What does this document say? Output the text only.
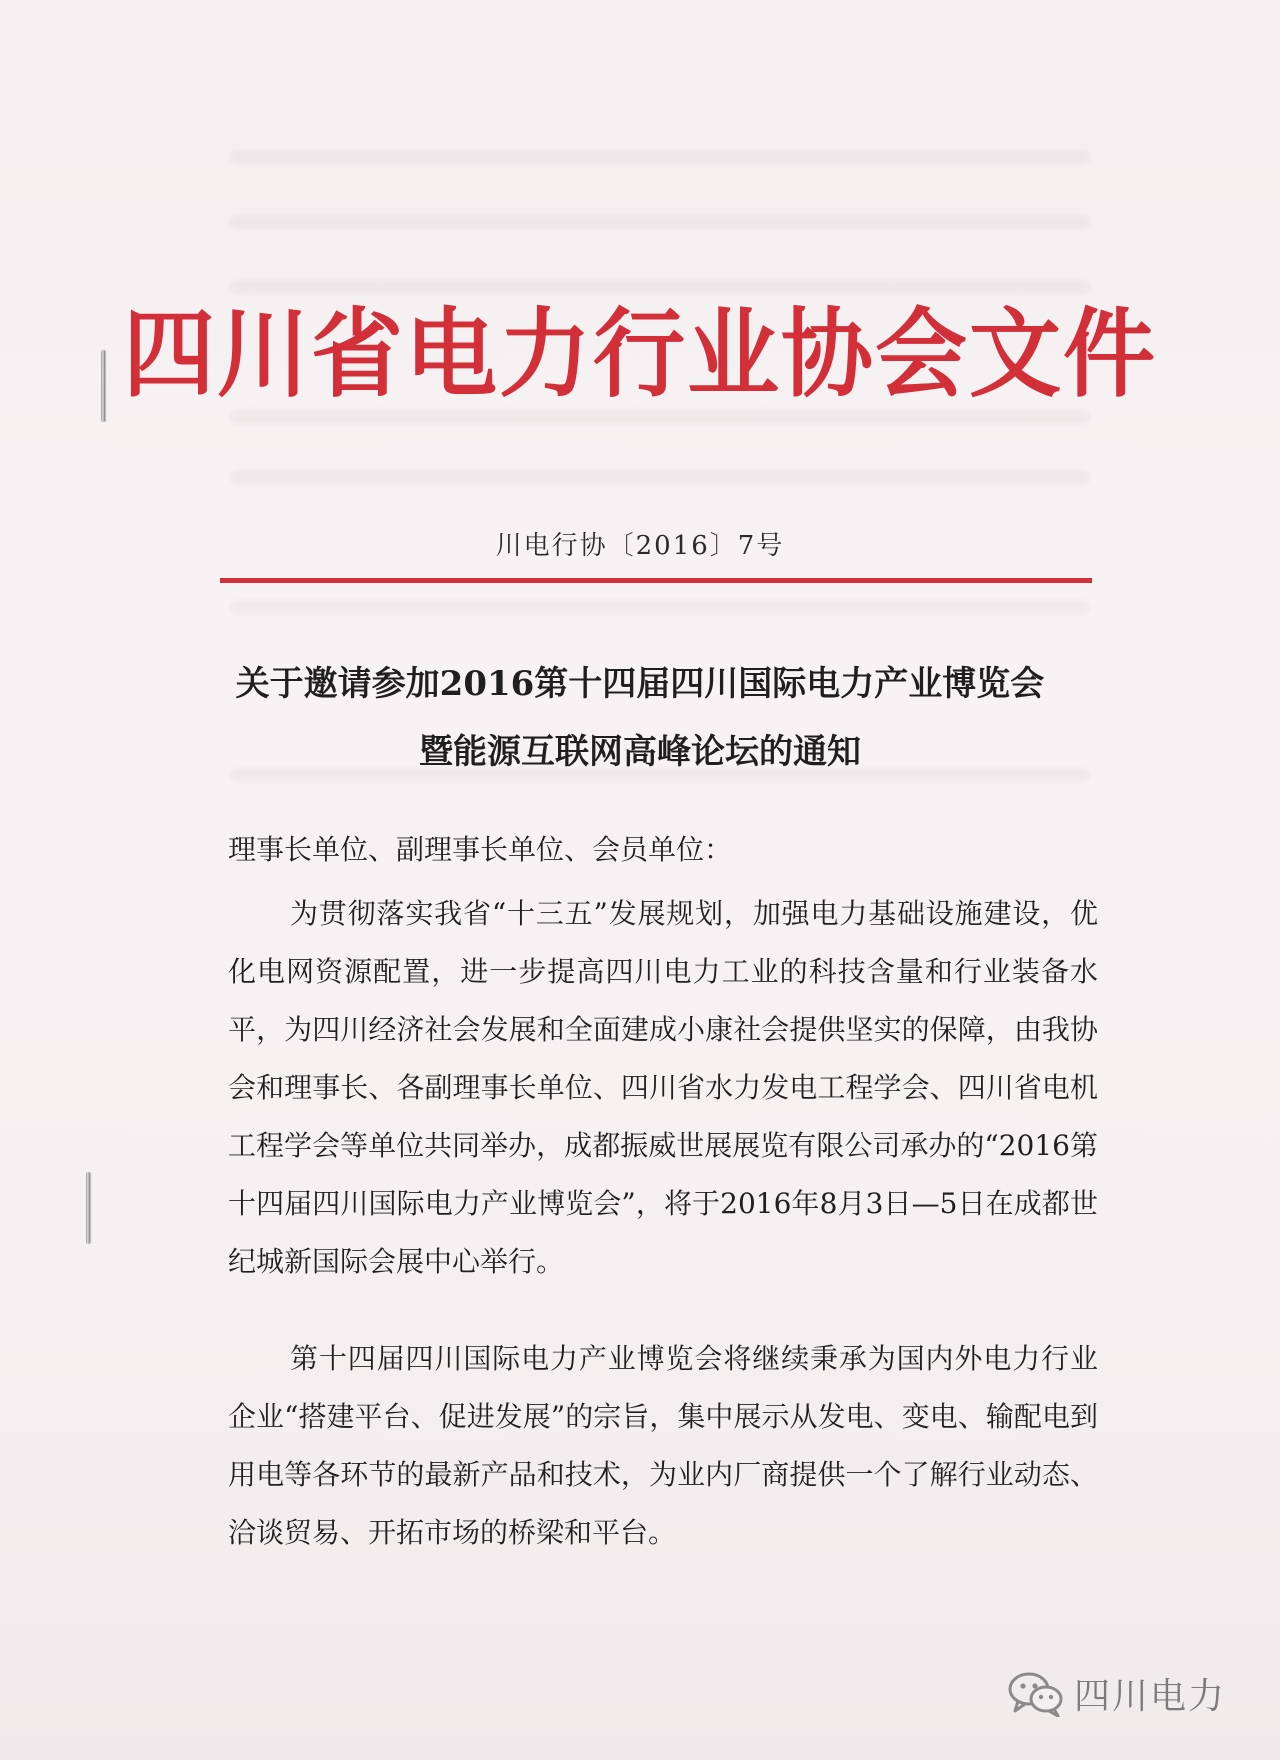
四川省电力行业协会文件
川电行协〔2016〕7号
关于邀请参加2016第十四届四川国际电力产业博览会
暨能源互联网高峰论坛的通知
理事长单位、副理事长单位、会员单位：
为贯彻落实我省“十三五”发展规划，加强电力基础设施建设，优化电网资源配置，进一步提高四川电力工业的科技含量和行业装备水平，为四川经济社会发展和全面建成小康社会提供坚实的保障，由我协会和理事长、各副理事长单位、四川省水力发电工程学会、四川省电机工程学会等单位共同举办，成都振威世展展览有限公司承办的“2016第十四届四川国际电力产业博览会”，将于2016年8月3日—5日在成都世纪城新国际会展中心举行。
第十四届四川国际电力产业博览会将继续秉承为国内外电力行业企业“搭建平台、促进发展”的宗旨，集中展示从发电、变电、输配电到用电等各环节的最新产品和技术，为业内厂商提供一个了解行业动态、洽谈贸易、开拓市场的桥梁和平台。
四川电力
